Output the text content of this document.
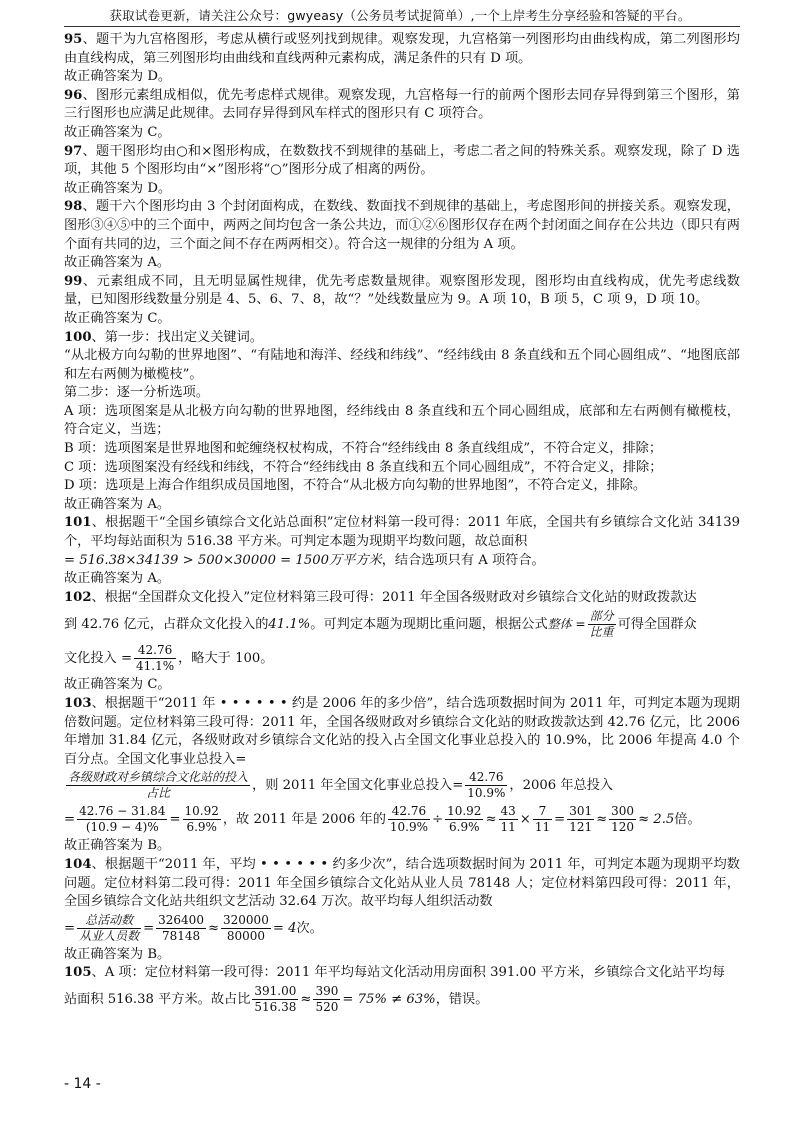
获取试卷更新，请关注公众号：gwyeasy（公务员考试捉简单）,一个上岸考生分享经验和答疑的平台。

95、题干为九宫格图形，考虑从横行或竖列找到规律。观察发现，九宫格第一列图形均由曲线构成，第二列图形均由直线构成，第三列图形均由曲线和直线两种元素构成，满足条件的只有 D 项。

故正确答案为 D。

96、图形元素组成相似，优先考虑样式规律。观察发现，九宫格每一行的前两个图形去同存异得到第三个图形，第三行图形也应满足此规律。去同存异得到风车样式的图形只有 C 项符合。

故正确答案为 C。

97、题干图形均由○和×图形构成，在数数找不到规律的基础上，考虑二者之间的特殊关系。观察发现，除了 D 选项，其他 5 个图形均由“×”图形将“○”图形分成了相离的两份。

故正确答案为 D。

98、题干六个图形均由 3 个封闭面构成，在数线、数面找不到规律的基础上，考虑图形间的拼接关系。观察发现，图形③④⑤中的三个面中，两两之间均包含一条公共边，而①②⑥图形仅存在两个封闭面之间存在公共边（即只有两个面有共同的边，三个面之间不存在两两相交）。符合这一规律的分组为 A 项。

故正确答案为 A。

99、元素组成不同，且无明显属性规律，优先考虑数量规律。观察图形发现，图形均由直线构成，优先考虑线数量，已知图形线数量分别是 4、5、6、7、8，故“？”处线数量应为 9。A 项 10，B 项 5，C 项 9，D 项 10。

故正确答案为 C。

100、第一步：找出定义关键词。

“从北极方向勾勒的世界地图”、“有陆地和海洋、经线和纬线”、“经纬线由 8 条直线和五个同心圆组成”、“地图底部和左右两侧为橄榄枝”。

第二步：逐一分析选项。

A 项：选项图案是从北极方向勾勒的世界地图，经纬线由 8 条直线和五个同心圆组成，底部和左右两侧有橄榄枝，符合定义，当选；

B 项：选项图案是世界地图和蛇缠绕权杖构成，不符合“经纬线由 8 条直线组成”，不符合定义，排除；

C 项：选项图案没有经线和纬线，不符合“经纬线由 8 条直线和五个同心圆组成”，不符合定义，排除；

D 项：选项是上海合作组织成员国地图，不符合“从北极方向勾勒的世界地图”，不符合定义，排除。

故正确答案为 A。

101、根据题干“全国乡镇综合文化站总面积”定位材料第一段可得：2011 年底，全国共有乡镇综合文化站 34139 个，平均每站面积为 516.38 平方米。可判定本题为现期平均数问题，故总面积

= 516.38×34139 > 500×30000 = 1500万平方米，结合选项只有 A 项符合。

故正确答案为 A。

102、根据“全国群众文化投入”定位材料第三段可得：2011 年全国各级财政对乡镇综合文化站的财政拨款达

到 42.76 亿元，占群众文化投入的41.1%。可判定本题为现期比重问题，根据公式整体 = $\frac{\text{部分}}{\text{比重}}$ 可得全国群众

文化投入 = $\frac{42.76}{41.1\%}$ ，略大于 100。

故正确答案为 C。

103、根据题干“2011 年 • • • • • • 约是 2006 年的多少倍”，结合选项数据时间为 2011 年，可判定本题为现期倍数问题。定位材料第三段可得：2011 年，全国各级财政对乡镇综合文化站的财政拨款达到 42.76 亿元，比 2006 年增加 31.84 亿元，各级财政对乡镇综合文化站的投入占全国文化事业总投入的 10.9%，比 2006 年提高 4.0 个百分点。全国文化事业总投入=

$\frac{\text{各级财政对乡镇综合文化站的投入}}{\text{占比}}$ ，则 2011 年全国文化事业总投入= $\frac{42.76}{10.9\%}$ ，2006 年总投入

= $\frac{42.76 - 31.84}{(10.9 - 4)\%} = \frac{10.92}{6.9\%}$ ，故 2011 年是 2006 年的 $\frac{42.76}{10.9\%} \div \frac{10.92}{6.9\%} \approx \frac{43}{11} \times \frac{7}{11} = \frac{301}{121} \approx \frac{300}{120} \approx 2.5$倍。

故正确答案为 B。

104、根据题干“2011 年，平均 • • • • • • 约多少次”，结合选项数据时间为 2011 年，可判定本题为现期平均数问题。定位材料第二段可得：2011 年全国乡镇综合文化站从业人员 78148 人；定位材料第四段可得：2011 年，全国乡镇综合文化站共组织文艺活动 32.64 万次。故平均每人组织活动数

= $\frac{\text{总活动数}}{\text{从业人员数}} = \frac{326400}{78148} \approx \frac{320000}{80000} = 4$次。

故正确答案为 B。

105、A 项：定位材料第一段可得：2011 年平均每站文化活动用房面积 391.00 平方米，乡镇综合文化站平均每

站面积 516.38 平方米。故占比 $\frac{391.00}{516.38} \approx \frac{390}{520} = 75\% \ne 63\%$，错误。

- 14 -
